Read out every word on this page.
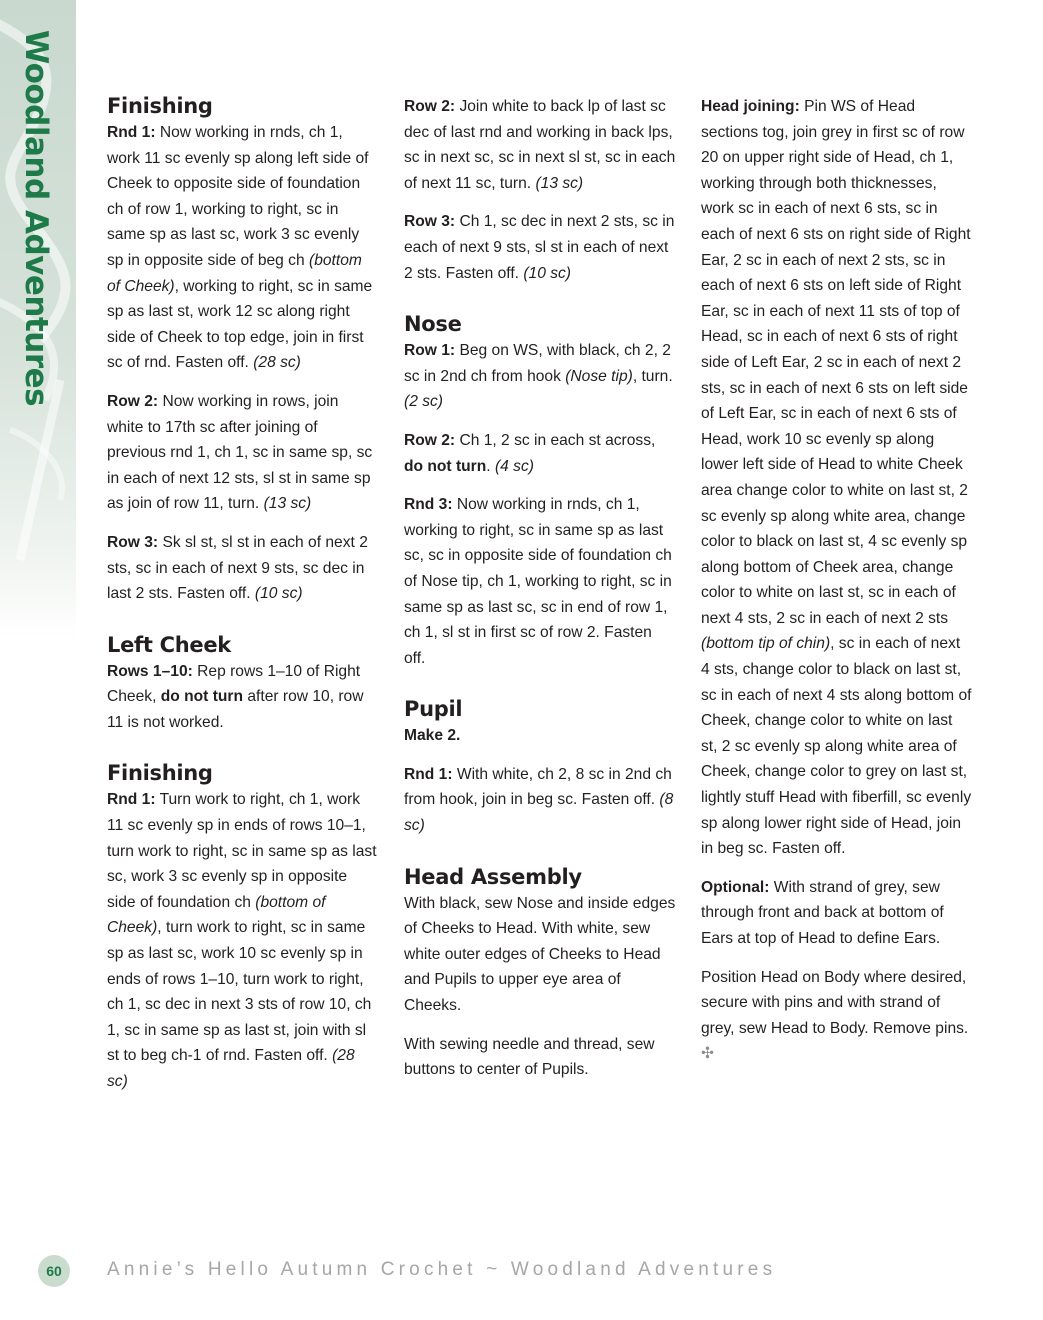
Woodland Adventures	Finishing

Rnd 1: Now working in rnds, ch 1, work 11 sc evenly sp along left side of Cheek to opposite side of foundation ch of row 1, working to right, sc in same sp as last sc, work 3 sc evenly sp in opposite side of beg ch (bottom of Cheek), working to right, sc in same sp as last st, work 12 sc along right side of Cheek to top edge, join in first sc of rnd. Fasten off. (28 sc)

Row 2: Now working in rows, join white to 17th sc after joining of previous rnd 1, ch 1, sc in same sp, sc in each of next 12 sts, sl st in same sp as join of row 11, turn. (13 sc)

Row 3: Sk sl st, sl st in each of next 2 sts, sc in each of next 9 sts, sc dec in last 2 sts. Fasten off. (10 sc)

Left Cheek

Rows 1–10: Rep rows 1–10 of Right Cheek, do not turn after row 10, row 11 is not worked.

Finishing

Rnd 1: Turn work to right, ch 1, work 11 sc evenly sp in ends of rows 10–1, turn work to right, sc in same sp as last sc, work 3 sc evenly sp in opposite side of foundation ch (bottom of Cheek), turn work to right, sc in same sp as last sc, work 10 sc evenly sp in ends of rows 1–10, turn work to right, ch 1, sc dec in next 3 sts of row 10, ch 1, sc in same sp as last st, join with sl st to beg ch-1 of rnd. Fasten off. (28 sc)

Row 2: Join white to back lp of last sc dec of last rnd and working in back lps, sc in next sc, sc in next sl st, sc in each of next 11 sc, turn. (13 sc)

Row 3: Ch 1, sc dec in next 2 sts, sc in each of next 9 sts, sl st in each of next 2 sts. Fasten off. (10 sc)

Nose

Row 1: Beg on WS, with black, ch 2, 2 sc in 2nd ch from hook (Nose tip), turn. (2 sc)

Row 2: Ch 1, 2 sc in each st across, do not turn. (4 sc)

Rnd 3: Now working in rnds, ch 1, working to right, sc in same sp as last sc, sc in opposite side of foundation ch of Nose tip, ch 1, working to right, sc in same sp as last sc, sc in end of row 1, ch 1, sl st in first sc of row 2. Fasten off.

Pupil

Make 2.

Rnd 1: With white, ch 2, 8 sc in 2nd ch from hook, join in beg sc. Fasten off. (8 sc)

Head Assembly

With black, sew Nose and inside edges of Cheeks to Head. With white, sew white outer edges of Cheeks to Head and Pupils to upper eye area of Cheeks.

With sewing needle and thread, sew buttons to center of Pupils.

Head joining: Pin WS of Head sections tog, join grey in first sc of row 20 on upper right side of Head, ch 1, working through both thicknesses, work sc in each of next 6 sts, sc in each of next 6 sts on right side of Right Ear, 2 sc in each of next 2 sts, sc in each of next 6 sts on left side of Right Ear, sc in each of next 11 sts of top of Head, sc in each of next 6 sts of right side of Left Ear, 2 sc in each of next 2 sts, sc in each of next 6 sts on left side of Left Ear, sc in each of next 6 sts of Head, work 10 sc evenly sp along lower left side of Head to white Cheek area change color to white on last st, 2 sc evenly sp along white area, change color to black on last st, 4 sc evenly sp along bottom of Cheek area, change color to white on last st, sc in each of next 4 sts, 2 sc in each of next 2 sts (bottom tip of chin), sc in each of next 4 sts, change color to black on last st, sc in each of next 4 sts along bottom of Cheek, change color to white on last st, 2 sc evenly sp along white area of Cheek, change color to grey on last st, lightly stuff Head with fiberfill, sc evenly sp along lower right side of Head, join in beg sc. Fasten off.

Optional: With strand of grey, sew through front and back at bottom of Ears at top of Head to define Ears.

Position Head on Body where desired, secure with pins and with strand of grey, sew Head to Body. Remove pins. ✣

60	Annie’s Hello Autumn Crochet ~ Woodland Adventures
